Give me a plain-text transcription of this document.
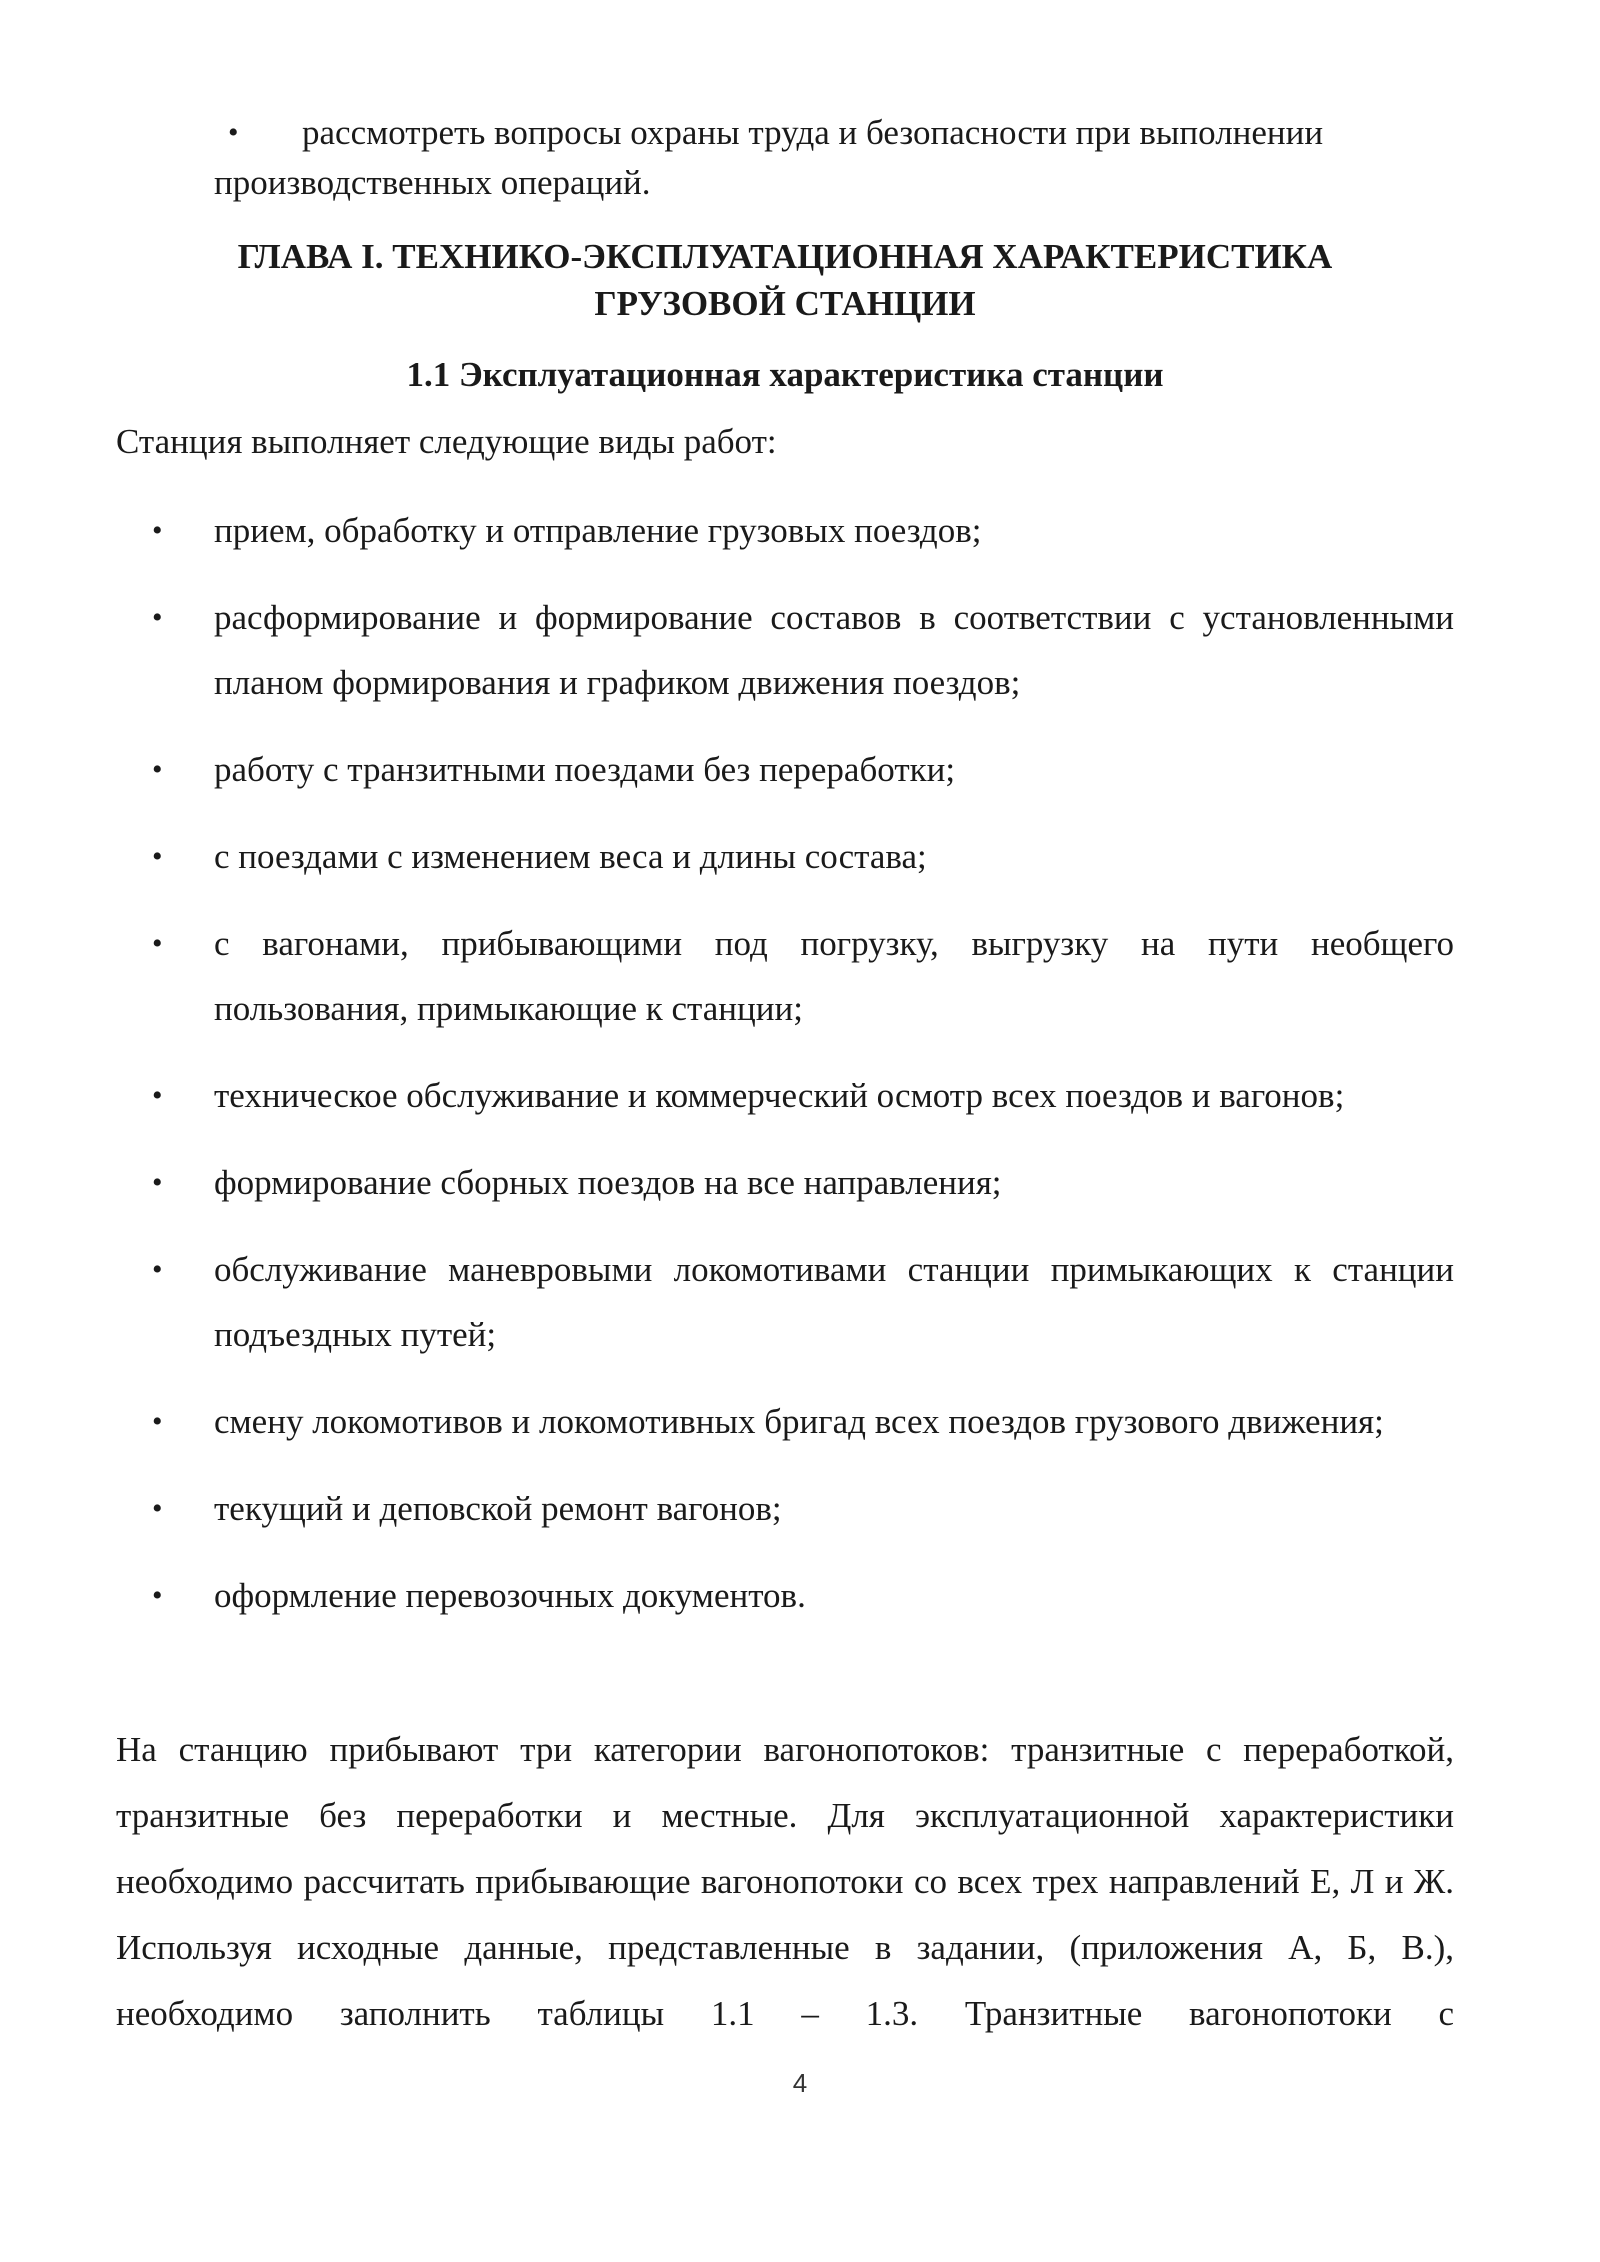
•	рассмотреть вопросы охраны труда и безопасности при выполнении
производственных операций.
ГЛАВА I. ТЕХНИКО-ЭКСПЛУАТАЦИОННАЯ ХАРАКТЕРИСТИКА
ГРУЗОВОЙ СТАНЦИИ
1.1 Эксплуатационная характеристика станции
Станция выполняет следующие виды работ:
• прием, обработку и отправление грузовых поездов;
• расформирование и формирование составов в соответствии с установленными планом формирования и графиком движения поездов;
• работу с транзитными поездами без переработки;
• с поездами с изменением веса и длины состава;
• с вагонами, прибывающими под погрузку, выгрузку на пути необщего пользования, примыкающие к станции;
• техническое обслуживание и коммерческий осмотр всех поездов и вагонов;
• формирование сборных поездов на все направления;
• обслуживание маневровыми локомотивами станции примыкающих к станции подъездных путей;
• смену локомотивов и локомотивных бригад всех поездов грузового движения;
• текущий и деповской ремонт вагонов;
• оформление перевозочных документов.
На станцию прибывают три категории вагонопотоков: транзитные с переработкой, транзитные без переработки и местные. Для эксплуатационной характеристики необходимо рассчитать прибывающие вагонопотоки со всех трех направлений Е, Л и Ж. Используя исходные данные, представленные в задании, (приложения А, Б, В.), необходимо заполнить таблицы 1.1 – 1.3. Транзитные вагонопотоки с
4
